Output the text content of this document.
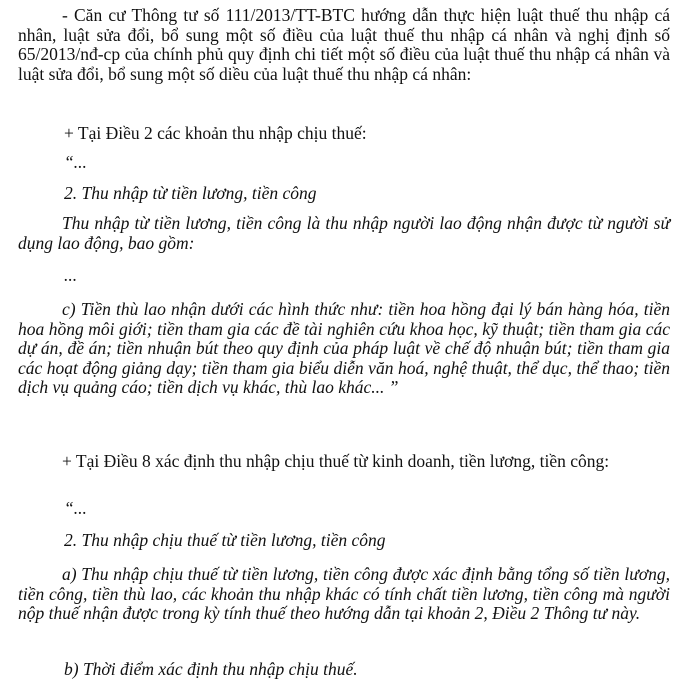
- Căn cư Thông tư số 111/2013/TT-BTC hướng dẫn thực hiện luật thuế thu nhập cá nhân, luật sửa đổi, bổ sung một số điều của luật thuế thu nhập cá nhân và nghị định số 65/2013/nđ-cp của chính phủ quy định chi tiết một số điều của luật thuế thu nhập cá nhân và luật sửa đổi, bổ sung một số diều của luật thuế thu nhập cá nhân:

+ Tại Điều 2 các khoản thu nhập chịu thuế:

“...

2. Thu nhập từ tiền lương, tiền công

Thu nhập từ tiền lương, tiền công là thu nhập người lao động nhận được từ người sử dụng lao động, bao gồm:

...

c) Tiền thù lao nhận dưới các hình thức như: tiền hoa hồng đại lý bán hàng hóa, tiền hoa hồng môi giới; tiền tham gia các đề tài nghiên cứu khoa học, kỹ thuật; tiền tham gia các dự án, đề án; tiền nhuận bút theo quy định của pháp luật về chế độ nhuận bút; tiền tham gia các hoạt động giảng dạy; tiền tham gia biểu diễn văn hoá, nghệ thuật, thể dục, thể thao; tiền dịch vụ quảng cáo; tiền dịch vụ khác, thù lao khác... ”

+ Tại Điều 8 xác định thu nhập chịu thuế từ kinh doanh, tiền lương, tiền công:

“...

2. Thu nhập chịu thuế từ tiền lương, tiền công

a) Thu nhập chịu thuế từ tiền lương, tiền công được xác định bằng tổng số tiền lương, tiền công, tiền thù lao, các khoản thu nhập khác có tính chất tiền lương, tiền công mà người nộp thuế nhận được trong kỳ tính thuế theo hướng dẫn tại khoản 2, Điều 2 Thông tư này.

b) Thời điểm xác định thu nhập chịu thuế.
